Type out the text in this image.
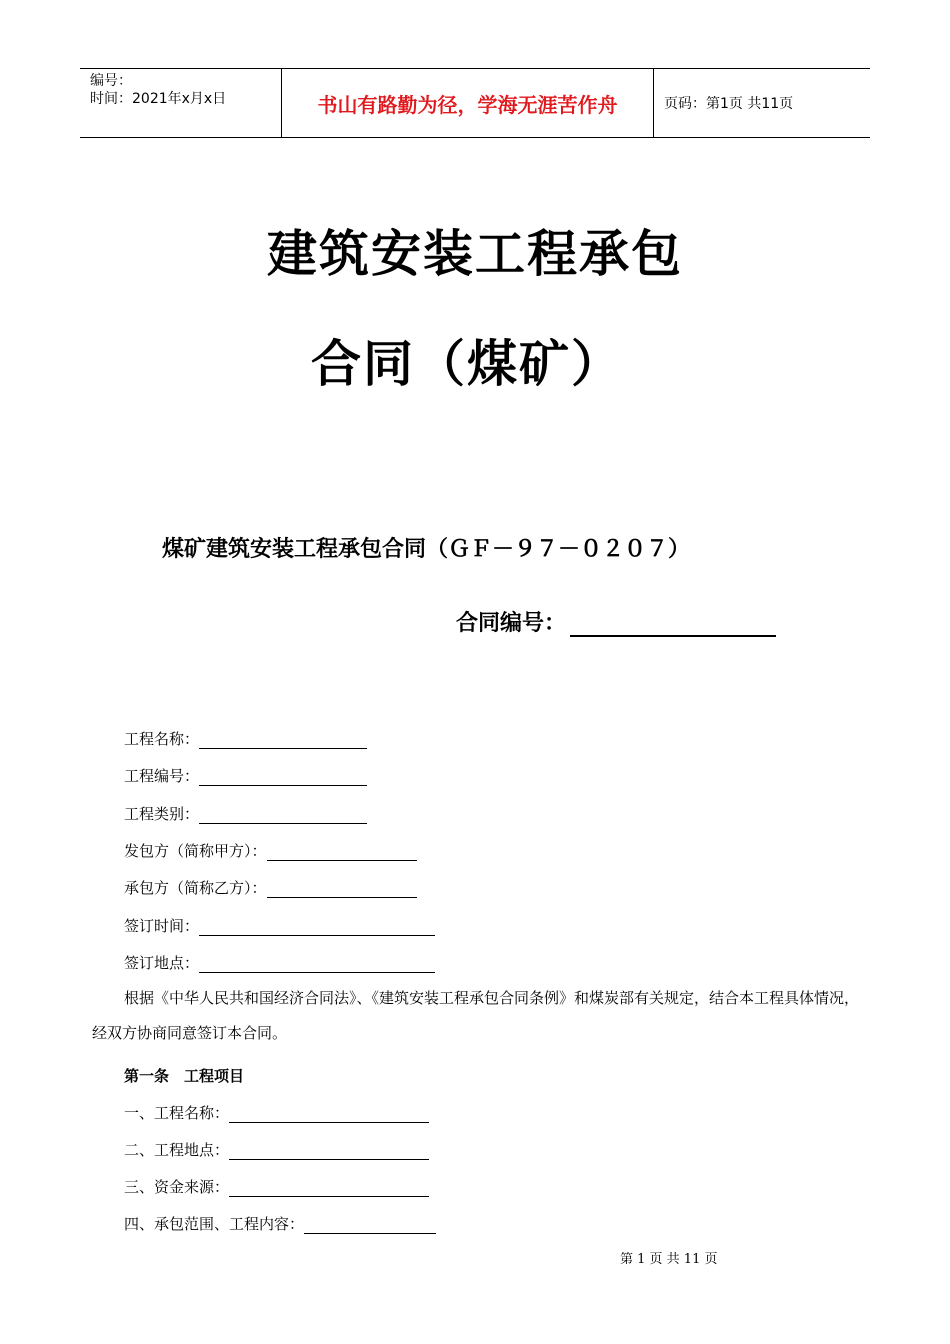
编号：
时间：2021年x月x日	书山有路勤为径，学海无涯苦作舟	页码：第1页 共11页
建筑安装工程承包
合同（煤矿）
煤矿建筑安装工程承包合同（ＧＦ－９７－０２０７）
合同编号：
工程名称：
工程编号：
工程类别：
发包方（简称甲方）：
承包方（简称乙方）：
签订时间：
签订地点：
根据《中华人民共和国经济合同法》、《建筑安装工程承包合同条例》和煤炭部有关规定，结合本工程具体情况，经双方协商同意签订本合同。
第一条　工程项目
一、工程名称：
二、工程地点：
三、资金来源：
四、承包范围、工程内容：
第 1 页 共 11 页
